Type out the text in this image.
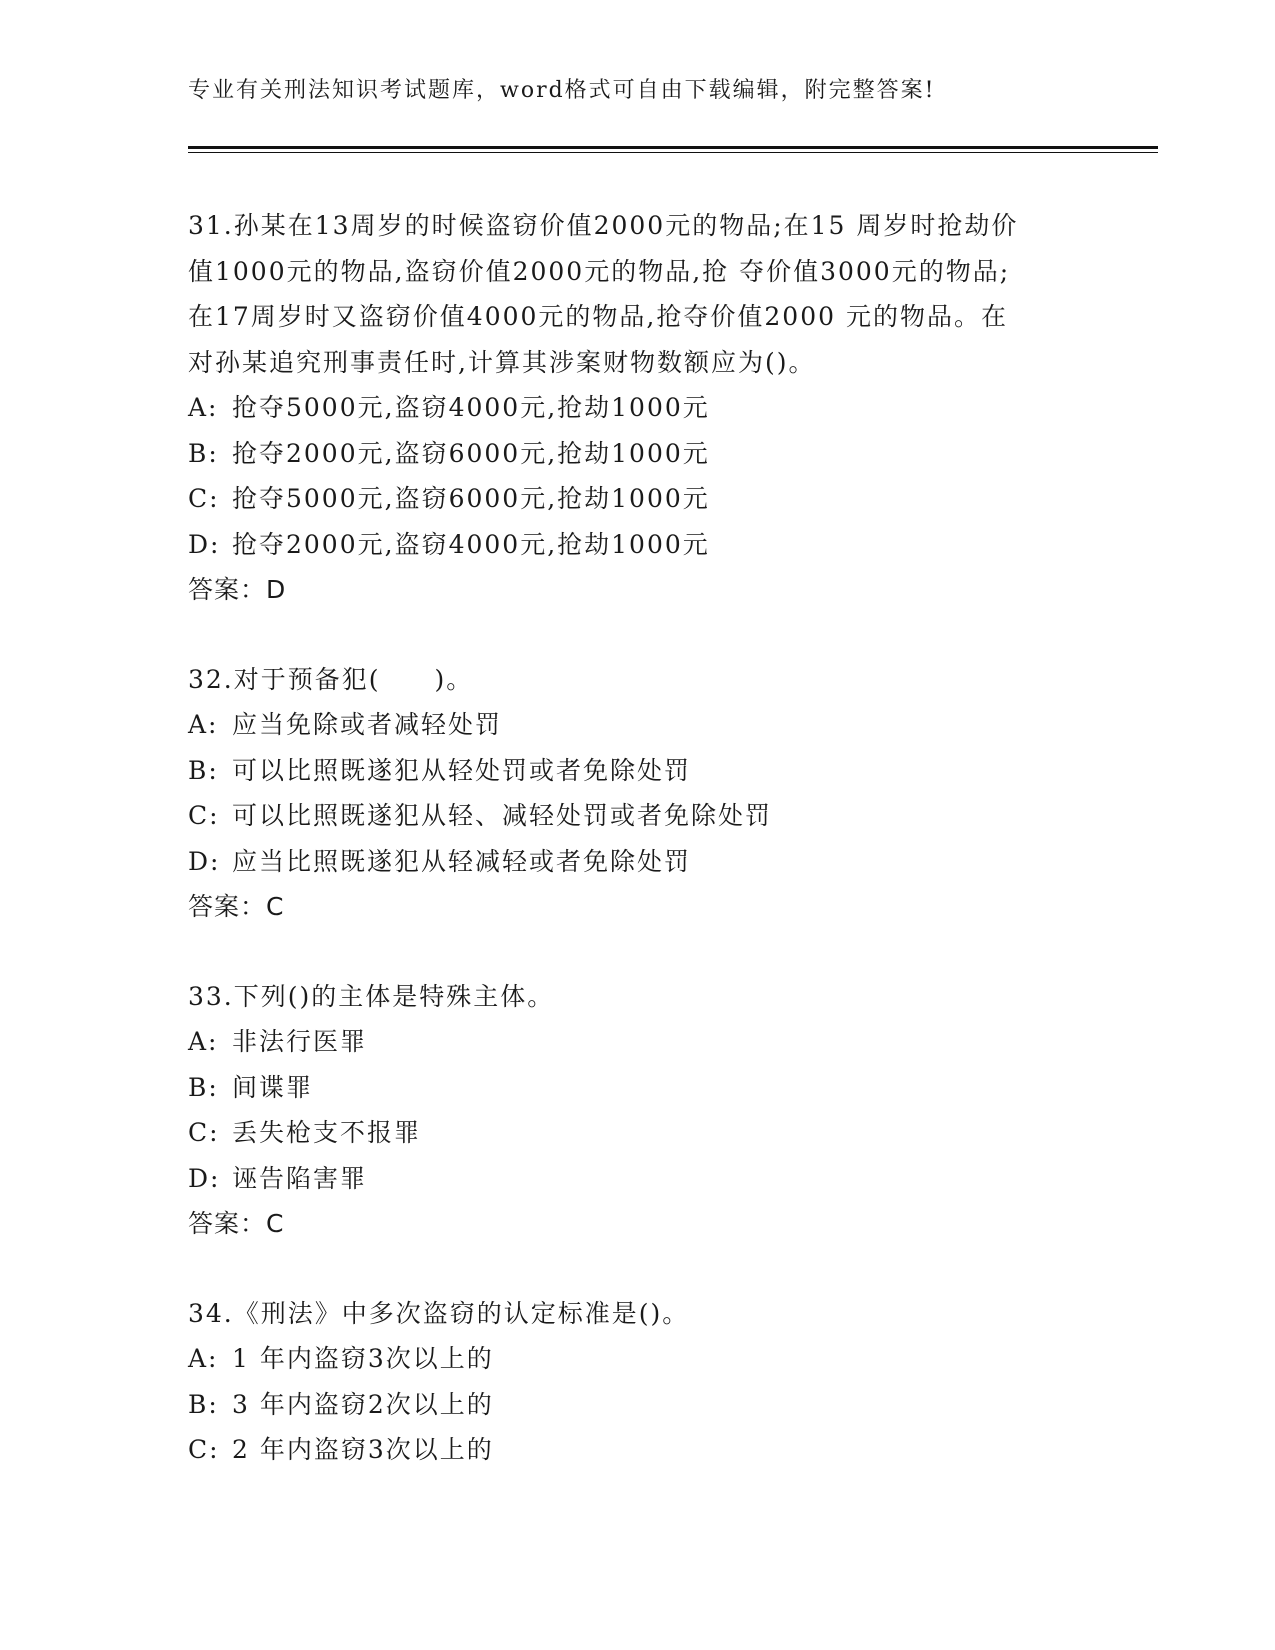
专业有关刑法知识考试题库，word格式可自由下载编辑，附完整答案!
31.孙某在13周岁的时候盗窃价值2000元的物品;在15 周岁时抢劫价
值1000元的物品,盗窃价值2000元的物品,抢 夺价值3000元的物品;
在17周岁时又盗窃价值4000元的物品,抢夺价值2000 元的物品。在
对孙某追究刑事责任时,计算其涉案财物数额应为()。
A: 抢夺5000元,盗窃4000元,抢劫1000元
B: 抢夺2000元,盗窃6000元,抢劫1000元
C: 抢夺5000元,盗窃6000元,抢劫1000元
D: 抢夺2000元,盗窃4000元,抢劫1000元
答案：D
32.对于预备犯(　　)。
A: 应当免除或者减轻处罚
B: 可以比照既遂犯从轻处罚或者免除处罚
C: 可以比照既遂犯从轻、减轻处罚或者免除处罚
D: 应当比照既遂犯从轻减轻或者免除处罚
答案：C
33.下列()的主体是特殊主体。
A: 非法行医罪
B: 间谍罪
C: 丢失枪支不报罪
D: 诬告陷害罪
答案：C
34.《刑法》中多次盗窃的认定标准是()。
A: 1 年内盗窃3次以上的
B: 3 年内盗窃2次以上的
C: 2 年内盗窃3次以上的
